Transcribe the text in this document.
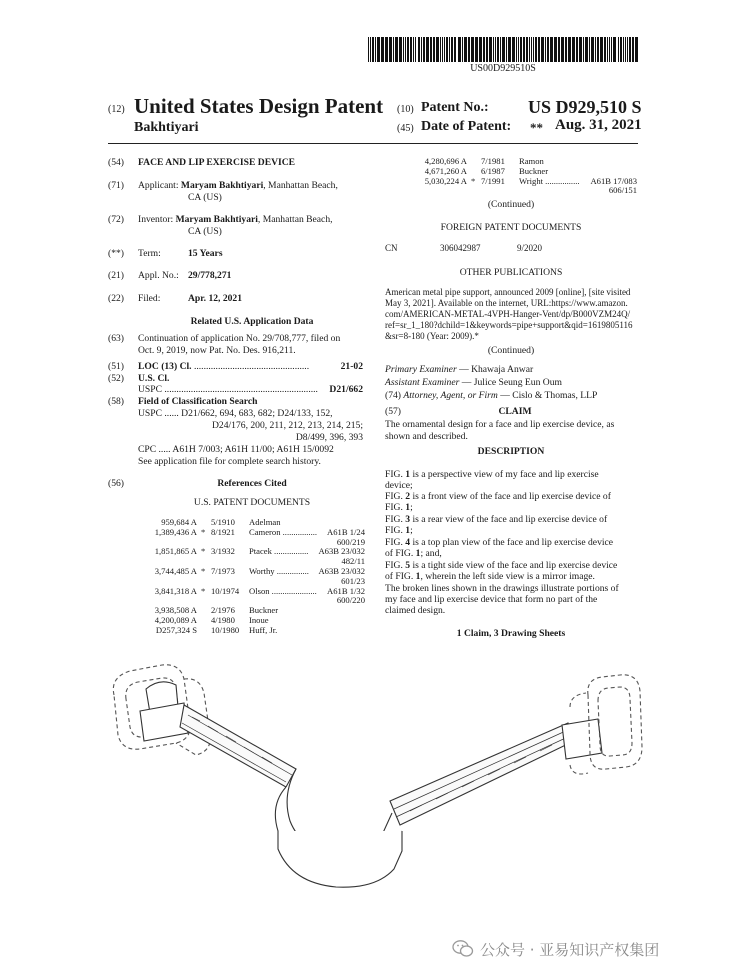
US00D929510S
(12) United States Design Patent (10) Patent No.: US D929,510 S
Bakhtiyari	(45) Date of Patent: ** Aug. 31, 2021
(54) FACE AND LIP EXERCISE DEVICE
(71) Applicant: Maryam Bakhtiyari, Manhattan Beach,
CA (US)
(72) Inventor: Maryam Bakhtiyari, Manhattan Beach,
CA (US)
(**) Term:	15 Years
(21) Appl. No.: 29/778,271
(22) Filed:	Apr. 12, 2021
Related U.S. Application Data
(63) Continuation of application No. 29/708,777, filed on
Oct. 9, 2019, now Pat. No. Des. 916,211.
(51) LOC (13) Cl. ................................................	21-02
(52) U.S. Cl.
USPC ................................................................	D21/662
(58) Field of Classification Search
USPC ...... D21/662, 694, 683, 682; D24/133, 152,
D24/176, 200, 211, 212, 213, 214, 215;
D8/499, 396, 393
CPC ..... A61H 7/003; A61H 11/00; A61H 15/0092
See application file for complete search history.
(56)	References Cited
U.S. PATENT DOCUMENTS
959,684 A		5/1910	Adelman	
1,389,436 A	*	8/1921	Cameron ................	A61B 1/24
				600/219
1,851,865 A	*	3/1932	Ptacek ................	A63B 23/032
				482/11
3,744,485 A	*	7/1973	Worthy ...............	A63B 23/032
				601/23
3,841,318 A	*	10/1974	Olson .....................	A61B 1/32
				600/220
3,938,508 A		2/1976	Buckner	
4,200,089 A		4/1980	Inoue	
D257,324 S		10/1980	Huff, Jr.	
4,280,696 A		7/1981	Ramon	
4,671,260 A		6/1987	Buckner	
5,030,224 A	*	7/1991	Wright ................	A61B 17/083
				606/151
(Continued)
FOREIGN PATENT DOCUMENTS
CN	306042987	9/2020
OTHER PUBLICATIONS
American metal pipe support, announced 2009 [online], [site visited
May 3, 2021]. Available on the internet, URL:https://www.amazon.
com/AMERICAN-METAL-4VPH-Hanger-Vent/dp/B000VZM24Q/
ref=sr_1_180?dchild=1&keywords=pipe+support&qid=1619805116
&sr=8-180 (Year: 2009).*
(Continued)
Primary Examiner — Khawaja Anwar
Assistant Examiner — Julice Seung Eun Oum
(74) Attorney, Agent, or Firm — Cislo & Thomas, LLP
(57)	CLAIM
The ornamental design for a face and lip exercise device, as
shown and described.
DESCRIPTION
FIG. 1 is a perspective view of my face and lip exercise
device;
FIG. 2 is a front view of the face and lip exercise device of
FIG. 1;
FIG. 3 is a rear view of the face and lip exercise device of
FIG. 1;
FIG. 4 is a top plan view of the face and lip exercise device
of FIG. 1; and,
FIG. 5 is a tight side view of the face and lip exercise device
of FIG. 1, wherein the left side view is a mirror image.
The broken lines shown in the drawings illustrate portions of
my face and lip exercise device that form no part of the
claimed design.
1 Claim, 3 Drawing Sheets
公众号 · 亚易知识产权集团
